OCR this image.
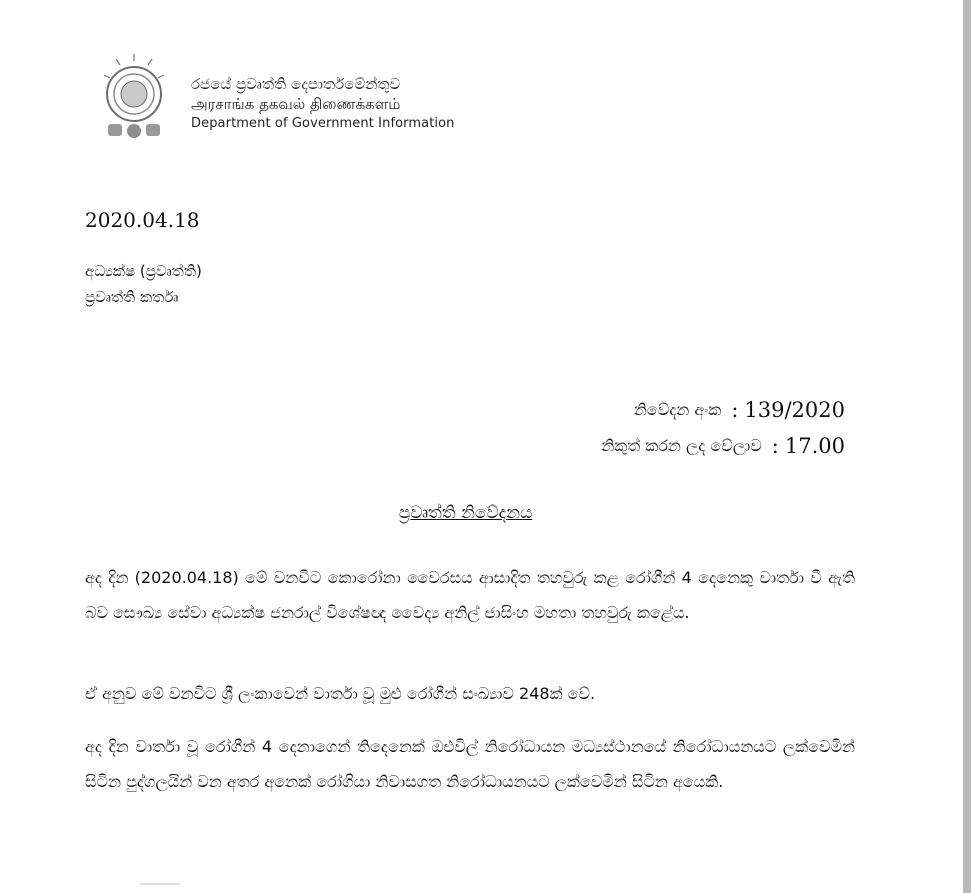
රජයේ ප්‍රවෘත්ති දෙපාර්තමේන්තුව
அரசாங்க தகவல் திணைக்களம்
Department of Government Information
2020.04.18
අධ්‍යක්ෂ (ප්‍රවෘත්ති)
ප්‍රවෘත්ති කර්තෘ
නිවේදන අංක : 139/2020
නිකුත් කරන ලද වේලාව : 17.00
ප්‍රවෘත්ති නිවේදනය
අද දින (2020.04.18) මේ වනවිට කොරෝනා වෛරසය ආසාදිත තහවුරු කළ රෝගීන් 4 දෙනෙකු වාර්තා වී ඇති බව සෞඛ්‍ය සේවා අධ්‍යක්ෂ ජනරාල් විශේෂඥ වෛද්‍ය අනිල් ජාසිංහ මහතා තහවුරු කළේය.
ඒ අනුව මේ වනවිට ශ්‍රී ලංකාවෙන් වාර්තා වූ මුළු රෝගීන් සංඛ්‍යාව 248ක් වේ.
අද දින වාර්තා වූ රෝගීන් 4 දෙනාගෙන් තිදෙනෙක් ඔළුවිල් නිරෝධායන මධ්‍යස්ථානයේ නිරෝධායනයට ලක්වෙමින් සිටින පුද්ගලයින් වන අතර අනෙක් රෝගියා නිවාසගත නිරෝධායනයට ලක්වෙමින් සිටින අයෙකි.
